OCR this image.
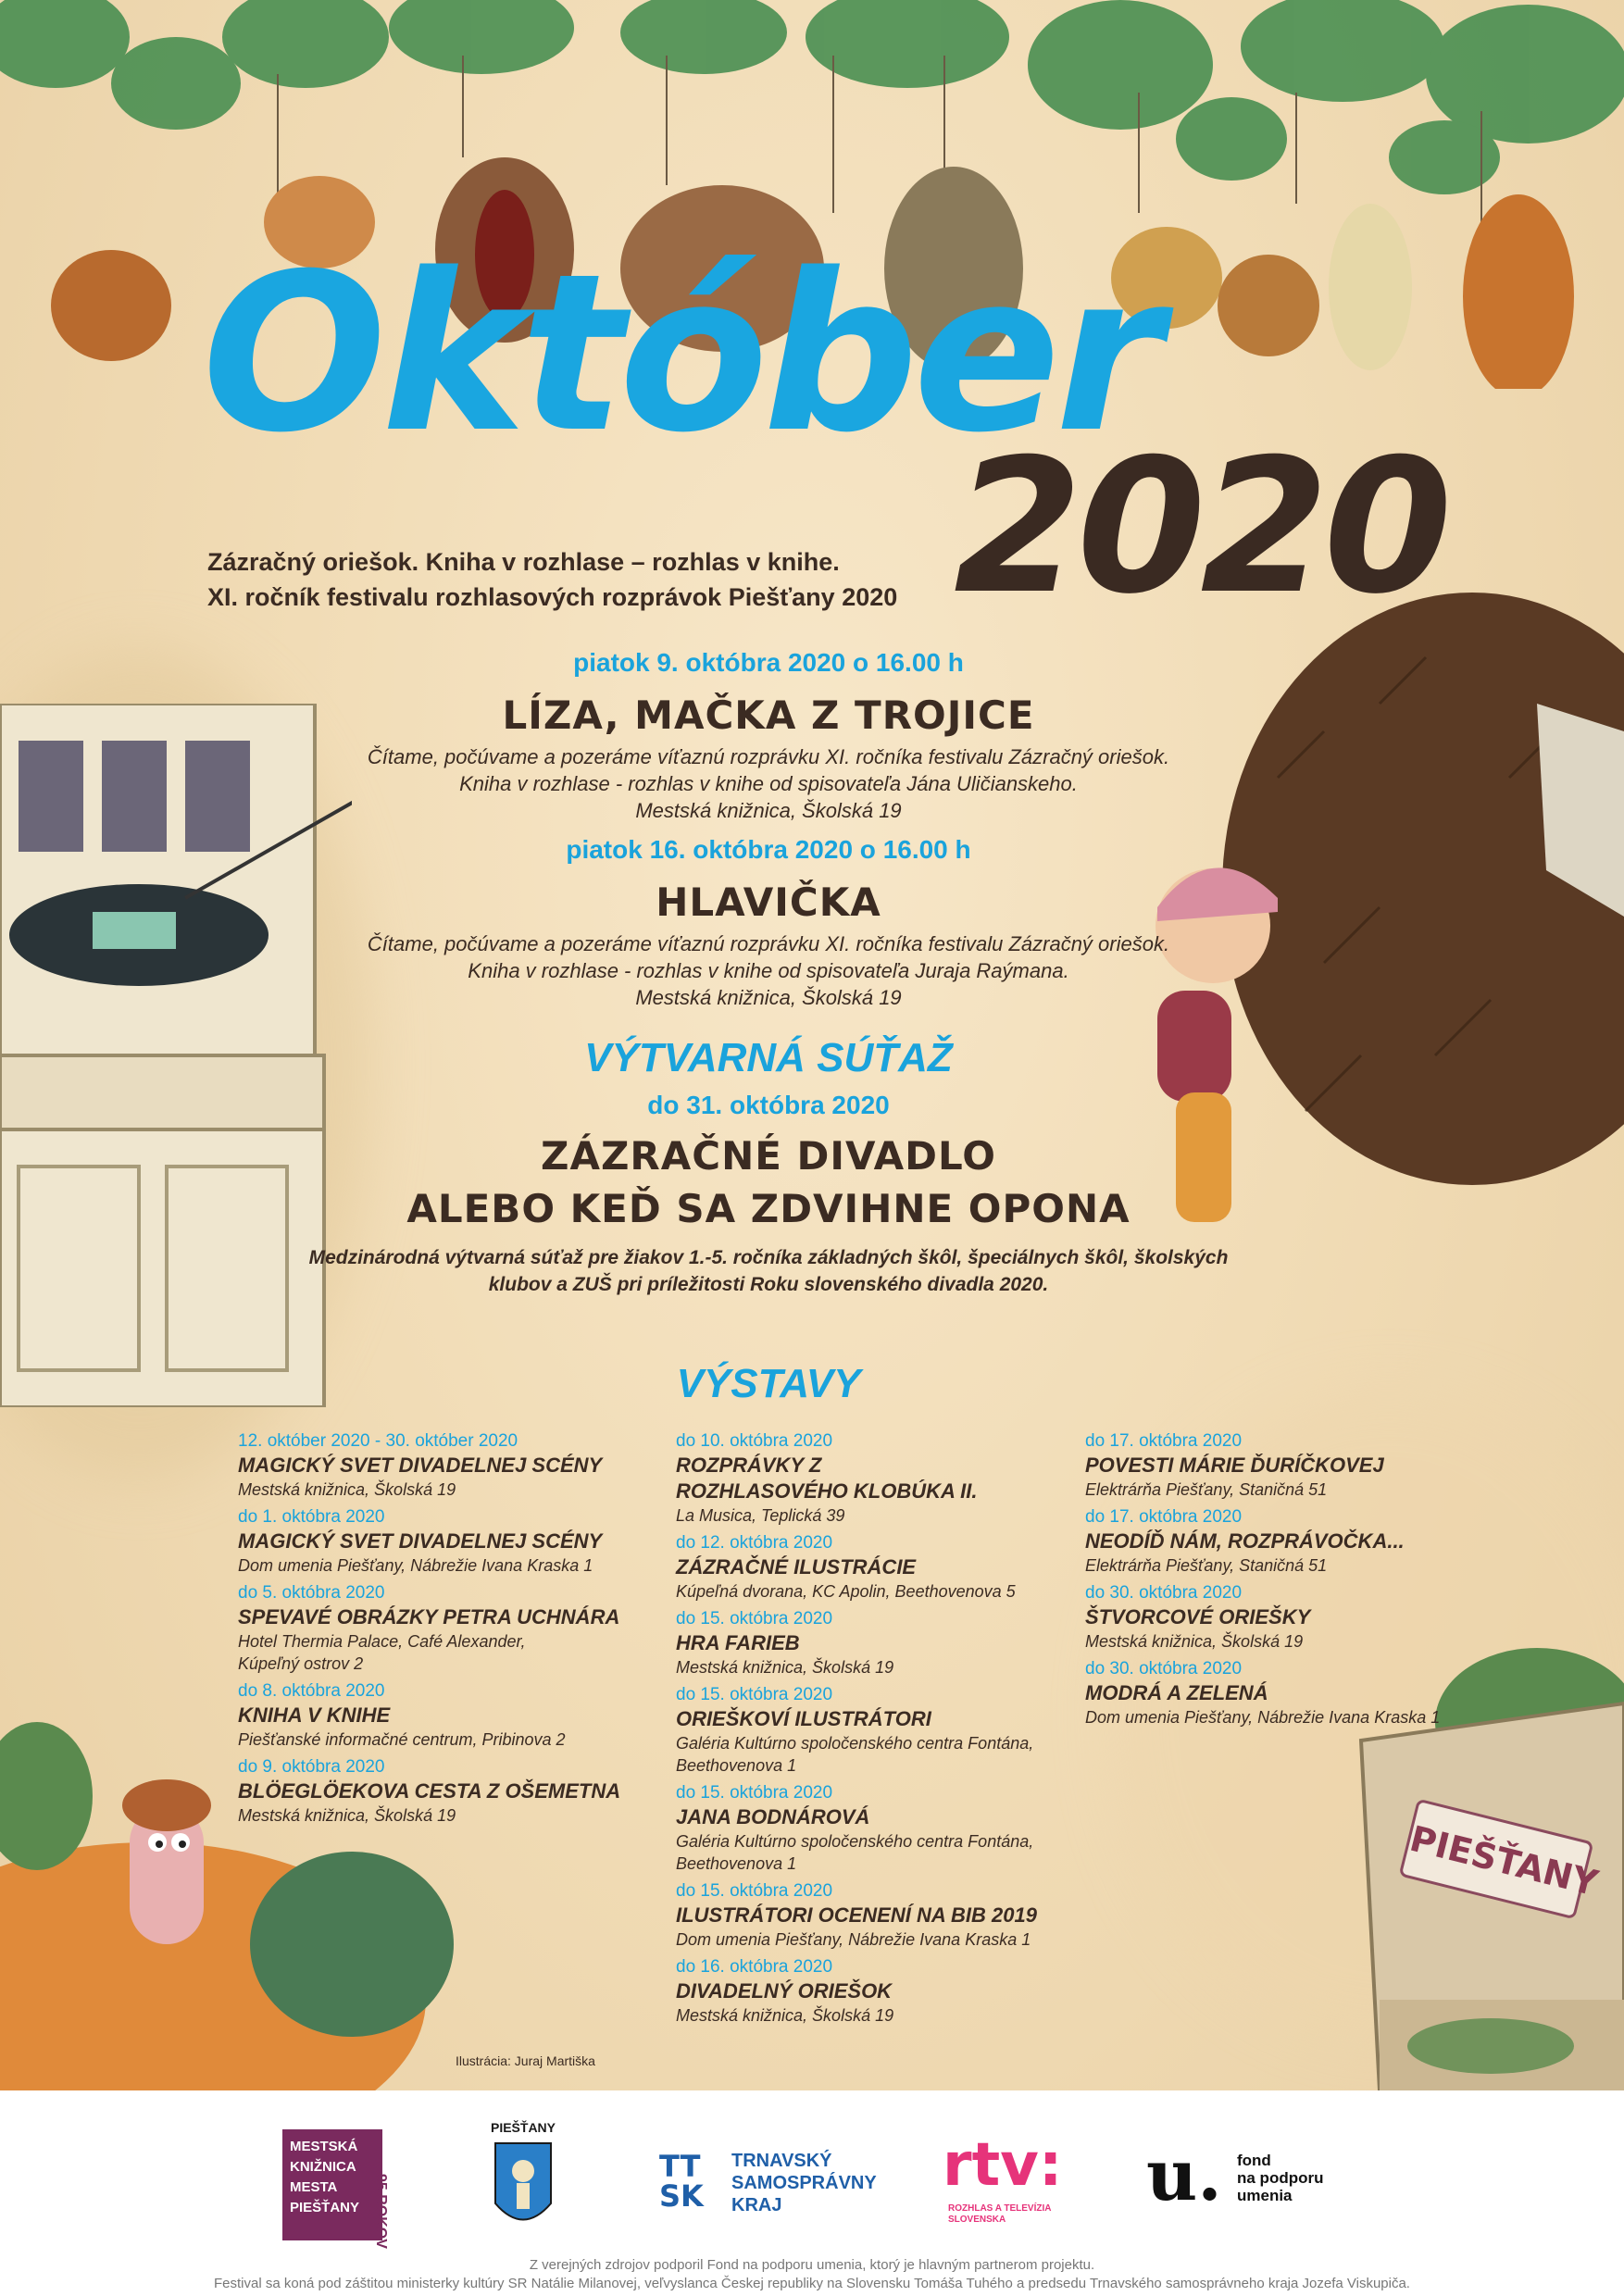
PIEŠŤANY
Október
2020
Zázračný oriešok. Kniha v rozhlase – rozhlas v knihe.
XI. ročník festivalu rozhlasových rozprávok Piešťany 2020
piatok 9. októbra 2020 o 16.00 h
LÍZA, MAČKA Z TROJICE
Čítame, počúvame a pozeráme víťaznú rozprávku XI. ročníka festivalu Zázračný oriešok.
Kniha v rozhlase - rozhlas v knihe od spisovateľa Jána Uličianskeho.
Mestská knižnica, Školská 19
piatok 16. októbra 2020 o 16.00 h
HLAVIČKA
Čítame, počúvame a pozeráme víťaznú rozprávku XI. ročníka festivalu Zázračný oriešok.
Kniha v rozhlase - rozhlas v knihe od spisovateľa Juraja Raýmana.
Mestská knižnica, Školská 19
VÝTVARNÁ SÚŤAŽ
do 31. októbra 2020
ZÁZRAČNÉ DIVADLO
ALEBO KEĎ SA ZDVIHNE OPONA
Medzinárodná výtvarná súťaž pre žiakov 1.-5. ročníka základných škôl, špeciálnych škôl, školských
klubov a ZUŠ pri príležitosti Roku slovenského divadla 2020.
VÝSTAVY
12. október 2020 - 30. október 2020
MAGICKÝ SVET DIVADELNEJ SCÉNY
Mestská knižnica, Školská 19
do 1. októbra 2020
MAGICKÝ SVET DIVADELNEJ SCÉNY
Dom umenia Piešťany, Nábrežie Ivana Kraska 1
do 5. októbra 2020
SPEVAVÉ OBRÁZKY PETRA UCHNÁRA
Hotel Thermia Palace, Café Alexander, Kúpeľný ostrov 2
do 8. októbra 2020
KNIHA V KNIHE
Piešťanské informačné centrum, Pribinova 2
do 9. októbra 2020
BLÖEGLÖEKOVA CESTA Z OŠEMETNA
Mestská knižnica, Školská 19
do 10. októbra 2020
ROZPRÁVKY Z ROZHLASOVÉHO KLOBÚKA II.
La Musica, Teplická 39
do 12. októbra 2020
ZÁZRAČNÉ ILUSTRÁCIE
Kúpeľná dvorana, KC Apolin, Beethovenova 5
do 15. októbra 2020
HRA FARIEB
Mestská knižnica, Školská 19
do 15. októbra 2020
ORIEŠKOVÍ ILUSTRÁTORI
Galéria Kultúrno spoločenského centra Fontána, Beethovenova 1
do 15. októbra 2020
JANA BODNÁROVÁ
Galéria Kultúrno spoločenského centra Fontána, Beethovenova 1
do 15. októbra 2020
ILUSTRÁTORI OCENENÍ NA BIB 2019
Dom umenia Piešťany, Nábrežie Ivana Kraska 1
do 16. októbra 2020
DIVADELNÝ ORIEŠOK
Mestská knižnica, Školská 19
do 17. októbra 2020
POVESTI MÁRIE ĎURÍČKOVEJ
Elektrárňa Piešťany, Staničná 51
do 17. októbra 2020
NEODÍĎ NÁM, ROZPRÁVOČKA...
Elektrárňa Piešťany, Staničná 51
do 30. októbra 2020
ŠTVORCOVÉ ORIEŠKY
Mestská knižnica, Školská 19
do 30. októbra 2020
MODRÁ A ZELENÁ
Dom umenia Piešťany, Nábrežie Ivana Kraska 1
Ilustrácia: Juraj Martiška
MESTSKÁ
KNIŽNICA
MESTA
PIEŠŤANY 95 ROKOV
PIEŠŤANY
TT
SK
TRNAVSKÝ
SAMOSPRÁVNY
KRAJ
rtv:
ROZHLAS A TELEVÍZIA
SLOVENSKA
u. fond
na podporu
umenia
Z verejných zdrojov podporil Fond na podporu umenia, ktorý je hlavným partnerom projektu.
Festival sa koná pod záštitou ministerky kultúry SR Natálie Milanovej, veľvyslanca Českej republiky na Slovensku Tomáša Tuhého a predsedu Trnavského samosprávneho kraja Jozefa Viskupiča.
